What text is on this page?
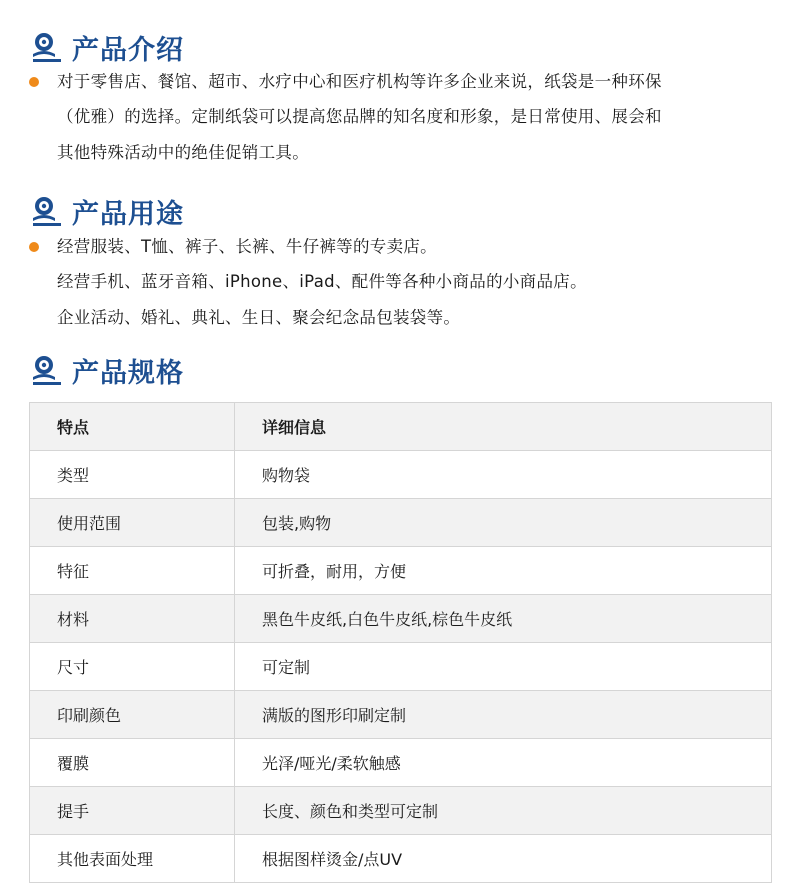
产品介绍
对于零售店、餐馆、超市、水疗中心和医疗机构等许多企业来说，纸袋是一种环保
（优雅）的选择。定制纸袋可以提高您品牌的知名度和形象，是日常使用、展会和
其他特殊活动中的绝佳促销工具。
产品用途
经营服装、T恤、裤子、长裤、牛仔裤等的专卖店。
经营手机、蓝牙音箱、iPhone、iPad、配件等各种小商品的小商品店。
企业活动、婚礼、典礼、生日、聚会纪念品包装袋等。
产品规格
特点	详细信息
类型	购物袋
使用范围	包装,购物
特征	可折叠，耐用，方便
材料	黑色牛皮纸,白色牛皮纸,棕色牛皮纸
尺寸	可定制
印刷颜色	满版的图形印刷定制
覆膜	光泽/哑光/柔软触感
提手	长度、颜色和类型可定制
其他表面处理	根据图样烫金/点UV
